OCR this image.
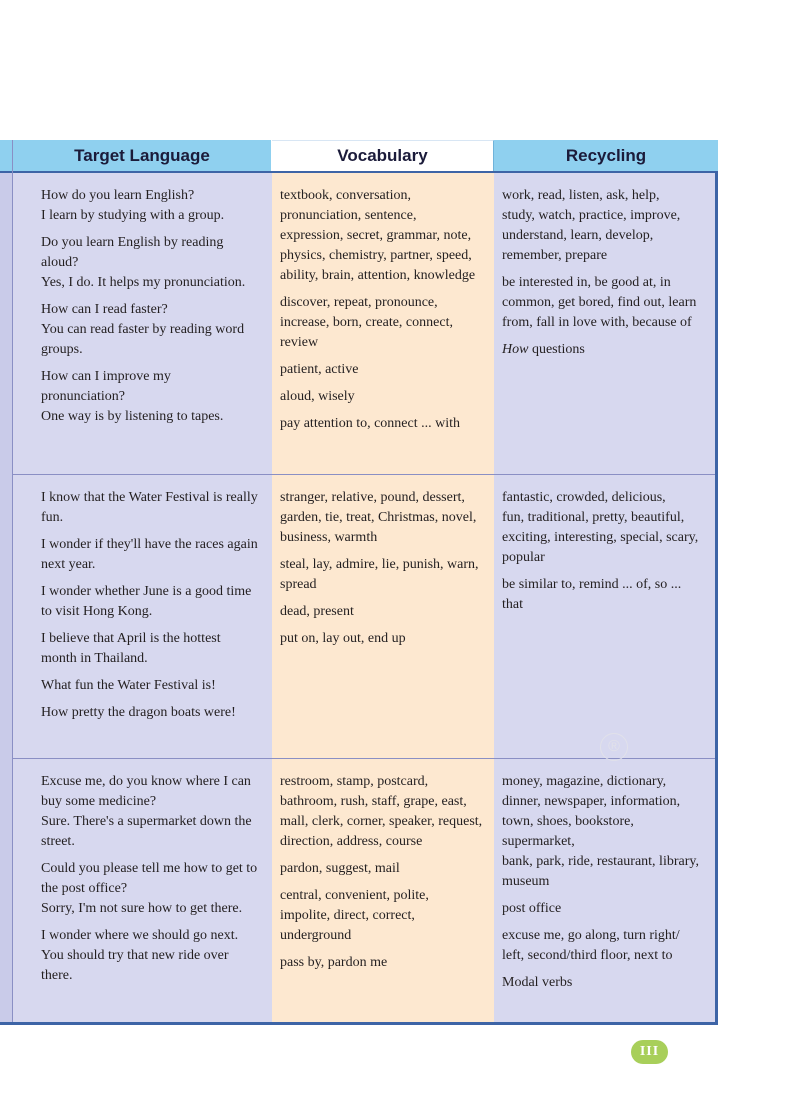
Target Language	Vocabulary	Recycling
How do you learn English?
I learn by studying with a group.
Do you learn English by reading
aloud?
Yes, I do. It helps my pronunciation.
How can I read faster?
You can read faster by reading word
groups.
How can I improve my
pronunciation?
One way is by listening to tapes.
textbook, conversation,
pronunciation, sentence,
expression, secret, grammar, note,
physics, chemistry, partner, speed,
ability, brain, attention, knowledge
discover, repeat, pronounce,
increase, born, create, connect,
review
patient, active
aloud, wisely
pay attention to, connect ... with
work, read, listen, ask, help,
study, watch, practice, improve,
understand, learn, develop,
remember, prepare
be interested in, be good at, in
common, get bored, find out, learn
from, fall in love with, because of
How questions
I know that the Water Festival is really
fun.
I wonder if they'll have the races again
next year.
I wonder whether June is a good time
to visit Hong Kong.
I believe that April is the hottest
month in Thailand.
What fun the Water Festival is!
How pretty the dragon boats were!
stranger, relative, pound, dessert,
garden, tie, treat, Christmas, novel,
business, warmth
steal, lay, admire, lie, punish, warn,
spread
dead, present
put on, lay out, end up
fantastic, crowded, delicious,
fun, traditional, pretty, beautiful,
exciting, interesting, special, scary,
popular
be similar to, remind ... of, so ... that
Excuse me, do you know where I can
buy some medicine?
Sure. There's a supermarket down the
street.
Could you please tell me how to get to
the post office?
Sorry, I'm not sure how to get there.
I wonder where we should go next.
You should try that new ride over
there.
restroom, stamp, postcard,
bathroom, rush, staff, grape, east,
mall, clerk, corner, speaker, request,
direction, address, course
pardon, suggest, mail
central, convenient, polite,
impolite, direct, correct,
underground
pass by, pardon me
money, magazine, dictionary,
dinner, newspaper, information,
town, shoes, bookstore, supermarket,
bank, park, ride, restaurant, library,
museum
post office
excuse me, go along, turn right/
left, second/third floor, next to
Modal verbs
®
III
